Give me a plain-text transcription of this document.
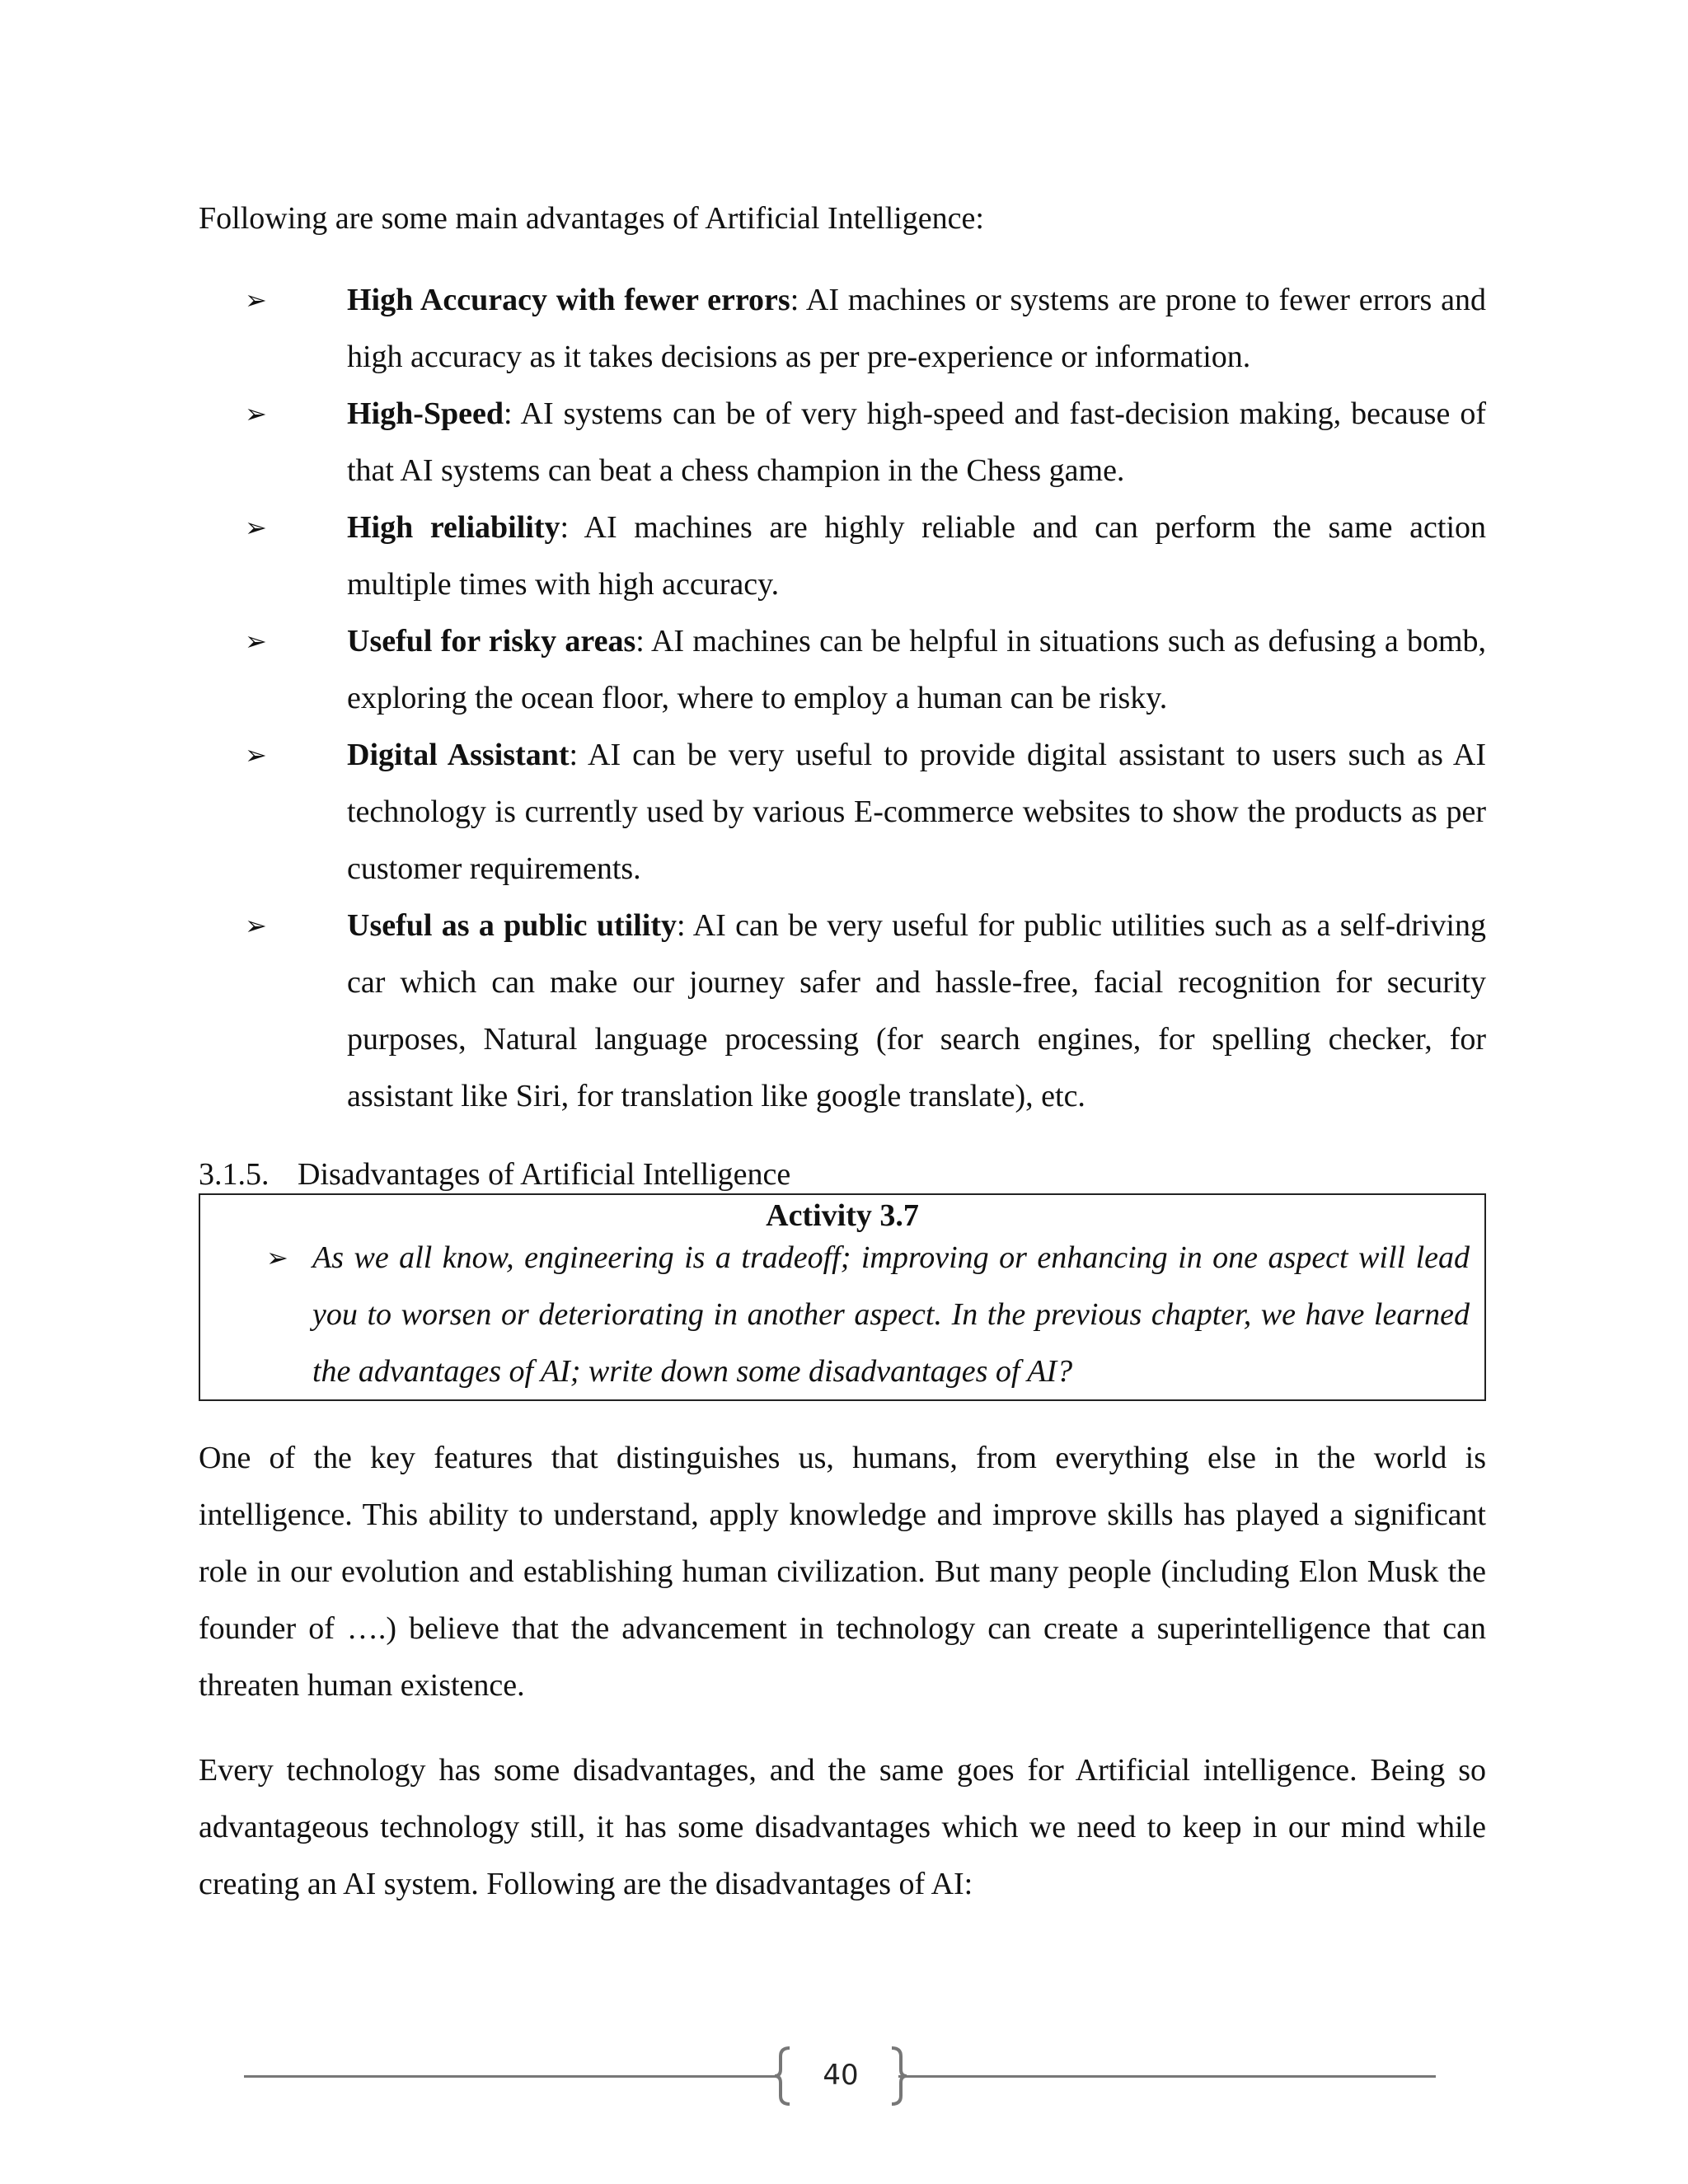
Following are some main advantages of Artificial Intelligence:
➢	High Accuracy with fewer errors: AI machines or systems are prone to fewer errors and high accuracy as it takes decisions as per pre-experience or information.
➢	High-Speed: AI systems can be of very high-speed and fast-decision making, because of that AI systems can beat a chess champion in the Chess game.
➢	High reliability: AI machines are highly reliable and can perform the same action multiple times with high accuracy.
➢	Useful for risky areas: AI machines can be helpful in situations such as defusing a bomb, exploring the ocean floor, where to employ a human can be risky.
➢	Digital Assistant: AI can be very useful to provide digital assistant to users such as AI technology is currently used by various E-commerce websites to show the products as per customer requirements.
➢	Useful as a public utility: AI can be very useful for public utilities such as a self-driving car which can make our journey safer and hassle-free, facial recognition for security purposes, Natural language processing (for search engines, for spelling checker, for assistant like Siri, for translation like google translate), etc.
3.1.5. Disadvantages of Artificial Intelligence
Activity 3.7
➢ As we all know, engineering is a tradeoff; improving or enhancing in one aspect will lead you to worsen or deteriorating in another aspect. In the previous chapter, we have learned the advantages of AI; write down some disadvantages of AI?
One of the key features that distinguishes us, humans, from everything else in the world is intelligence. This ability to understand, apply knowledge and improve skills has played a significant role in our evolution and establishing human civilization. But many people (including Elon Musk the founder of ….) believe that the advancement in technology can create a superintelligence that can threaten human existence.
Every technology has some disadvantages, and the same goes for Artificial intelligence. Being so advantageous technology still, it has some disadvantages which we need to keep in our mind while creating an AI system. Following are the disadvantages of AI:
40
